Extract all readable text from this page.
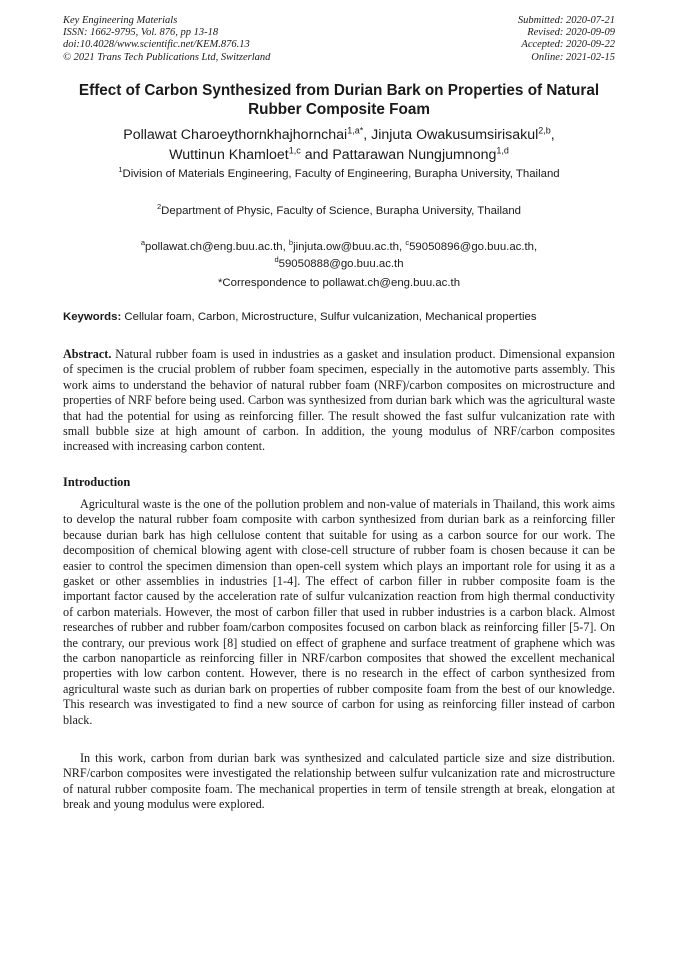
Key Engineering Materials
ISSN: 1662-9795, Vol. 876, pp 13-18
doi:10.4028/www.scientific.net/KEM.876.13
© 2021 Trans Tech Publications Ltd, Switzerland
Submitted: 2020-07-21
Revised: 2020-09-09
Accepted: 2020-09-22
Online: 2021-02-15
Effect of Carbon Synthesized from Durian Bark on Properties of Natural Rubber Composite Foam
Pollawat Charoeythornkhajhornchai$^{1,a*}$, Jinjuta Owakusumsirisakul$^{2,b}$,
Wuttinun Khamloet$^{1,c}$ and Pattarawan Nungjumnong$^{1,d}$
$^1$Division of Materials Engineering, Faculty of Engineering, Burapha University, Thailand
$^2$Department of Physic, Faculty of Science, Burapha University, Thailand
$^a$pollawat.ch@eng.buu.ac.th, $^b$jinjuta.ow@buu.ac.th, $^c$59050896@go.buu.ac.th,
$^d$59050888@go.buu.ac.th
*Correspondence to pollawat.ch@eng.buu.ac.th
Keywords: Cellular foam, Carbon, Microstructure, Sulfur vulcanization, Mechanical properties
Abstract. Natural rubber foam is used in industries as a gasket and insulation product. Dimensional expansion of specimen is the crucial problem of rubber foam specimen, especially in the automotive parts assembly. This work aims to understand the behavior of natural rubber foam (NRF)/carbon composites on microstructure and properties of NRF before being used. Carbon was synthesized from durian bark which was the agricultural waste that had the potential for using as reinforcing filler. The result showed the fast sulfur vulcanization rate with small bubble size at high amount of carbon. In addition, the young modulus of NRF/carbon composites increased with increasing carbon content.
Introduction
Agricultural waste is the one of the pollution problem and non-value of materials in Thailand, this work aims to develop the natural rubber foam composite with carbon synthesized from durian bark as a reinforcing filler because durian bark has high cellulose content that suitable for using as a carbon source for our work. The decomposition of chemical blowing agent with close-cell structure of rubber foam is chosen because it can be easier to control the specimen dimension than open-cell system which plays an important role for using it as a gasket or other assemblies in industries [1-4]. The effect of carbon filler in rubber composite foam is the important factor caused by the acceleration rate of sulfur vulcanization reaction from high thermal conductivity of carbon materials. However, the most of carbon filler that used in rubber industries is a carbon black. Almost researches of rubber and rubber foam/carbon composites focused on carbon black as reinforcing filler [5-7]. On the contrary, our previous work [8] studied on effect of graphene and surface treatment of graphene which was the carbon nanoparticle as reinforcing filler in NRF/carbon composites that showed the excellent mechanical properties with low carbon content. However, there is no research in the effect of carbon synthesized from agricultural waste such as durian bark on properties of rubber composite foam from the best of our knowledge. This research was investigated to find a new source of carbon for using as reinforcing filler instead of carbon black.
In this work, carbon from durian bark was synthesized and calculated particle size and size distribution. NRF/carbon composites were investigated the relationship between sulfur vulcanization rate and microstructure of natural rubber composite foam. The mechanical properties in term of tensile strength at break, elongation at break and young modulus were explored.
